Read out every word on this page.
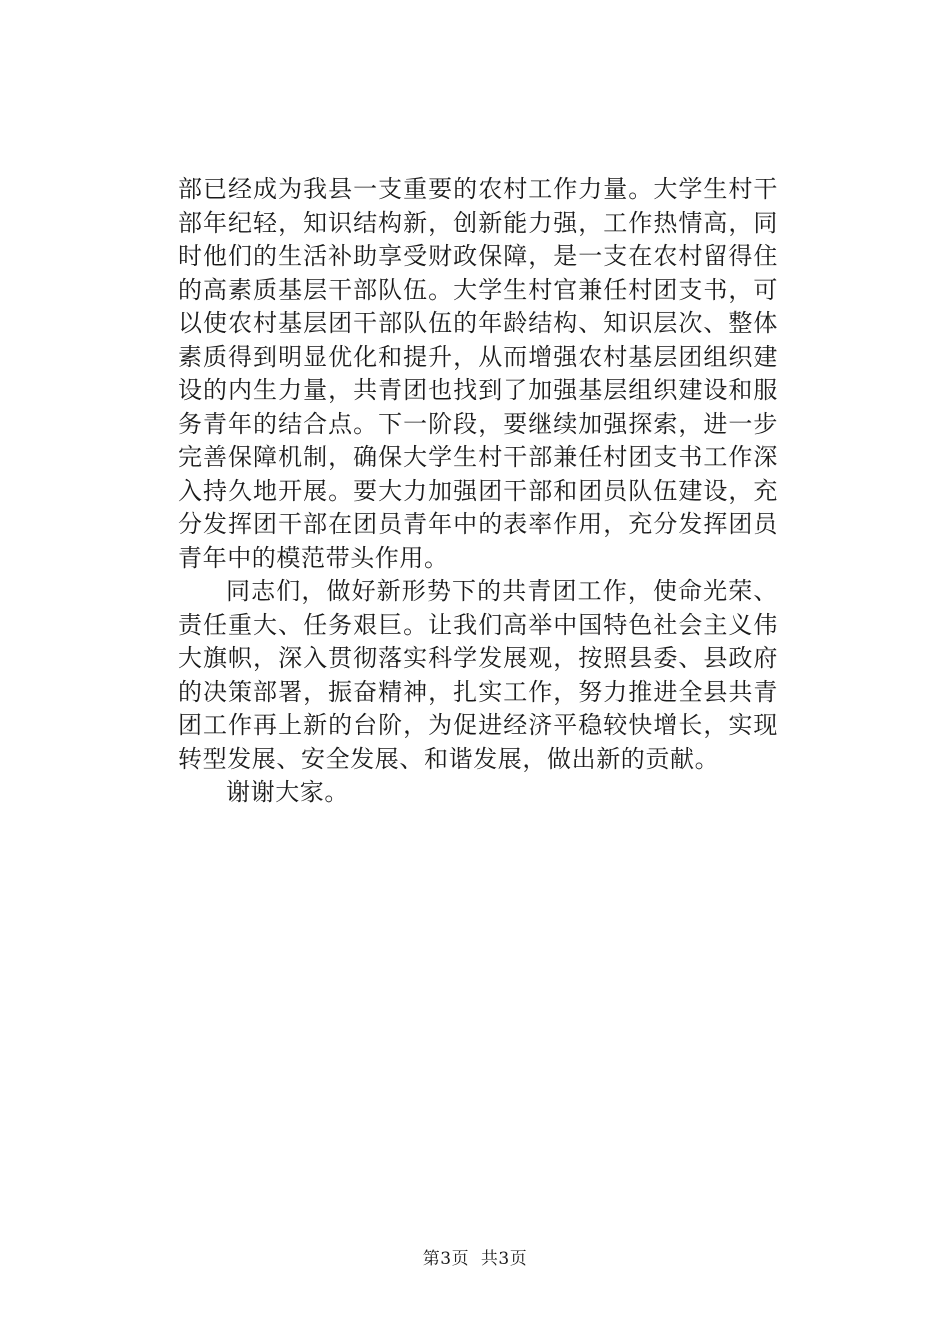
部已经成为我县一支重要的农村工作力量。大学生村干部年纪轻，知识结构新，创新能力强，工作热情高，同时他们的生活补助享受财政保障，是一支在农村留得住的高素质基层干部队伍。大学生村官兼任村团支书，可以使农村基层团干部队伍的年龄结构、知识层次、整体素质得到明显优化和提升，从而增强农村基层团组织建设的内生力量，共青团也找到了加强基层组织建设和服务青年的结合点。下一阶段，要继续加强探索，进一步完善保障机制，确保大学生村干部兼任村团支书工作深入持久地开展。要大力加强团干部和团员队伍建设，充分发挥团干部在团员青年中的表率作用，充分发挥团员青年中的模范带头作用。

同志们，做好新形势下的共青团工作，使命光荣、责任重大、任务艰巨。让我们高举中国特色社会主义伟大旗帜，深入贯彻落实科学发展观，按照县委、县政府的决策部署，振奋精神，扎实工作，努力推进全县共青团工作再上新的台阶，为促进经济平稳较快增长，实现转型发展、安全发展、和谐发展，做出新的贡献。

谢谢大家。

第3页  共3页
